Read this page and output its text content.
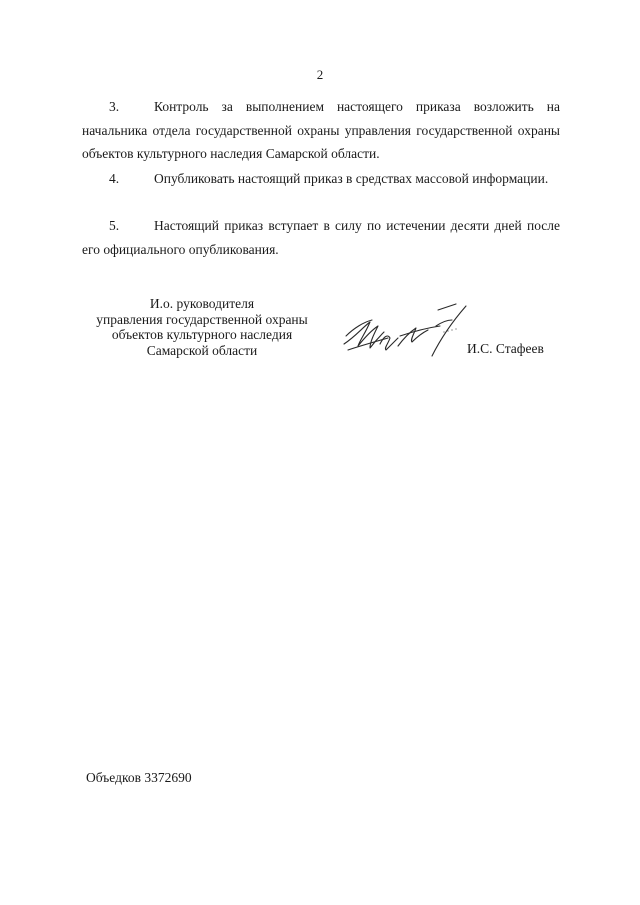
2

3.	Контроль за выполнением настоящего приказа возложить на начальника отдела государственной охраны управления государственной охраны объектов культурного наследия Самарской области.

4.	Опубликовать настоящий приказ в средствах массовой информации.

5.	Настоящий приказ вступает в силу по истечении десяти дней после его официального опубликования.

И.о. руководителя
управления государственной охраны
объектов культурного наследия
Самарской области	И.С. Стафеев
Объедков 3372690
